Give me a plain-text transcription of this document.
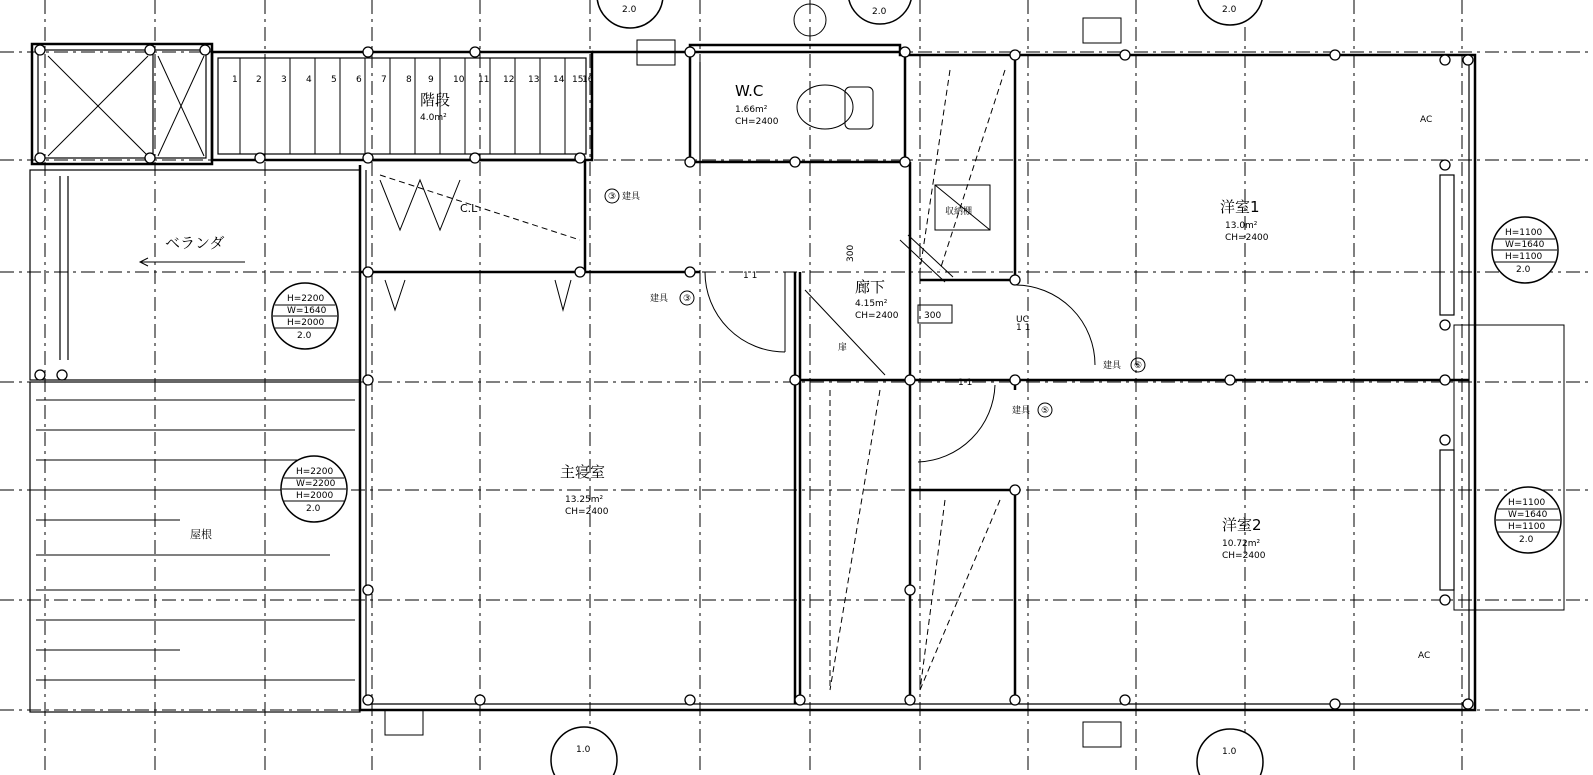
1 2 3 4 5 6 7 8 9 10 11 12 13 14 15
16
階段
4.0m²
W.C
1.66m²
CH=2400
ベランダ
C.L
主寝室
13.25m²
CH=2400
廊下
4.15m²
CH=2400
洋室1
13.0m²
CH=2400
洋室2
10.72m²
CH=2400
屋根
扉
AC
AC
UC
300
300
収納棚
③ 建具
③
建具
⑥
建具
⑤
建具
1 1
1 1
1 1
H=2200
W=1640
H=2000
2.0
H=2200
W=2200
H=2000
2.0
H=1100
W=1640
H=1100
2.0
H=1100
W=1640
H=1100
2.0
2.0	2.0	2.0
1.0	1.0
